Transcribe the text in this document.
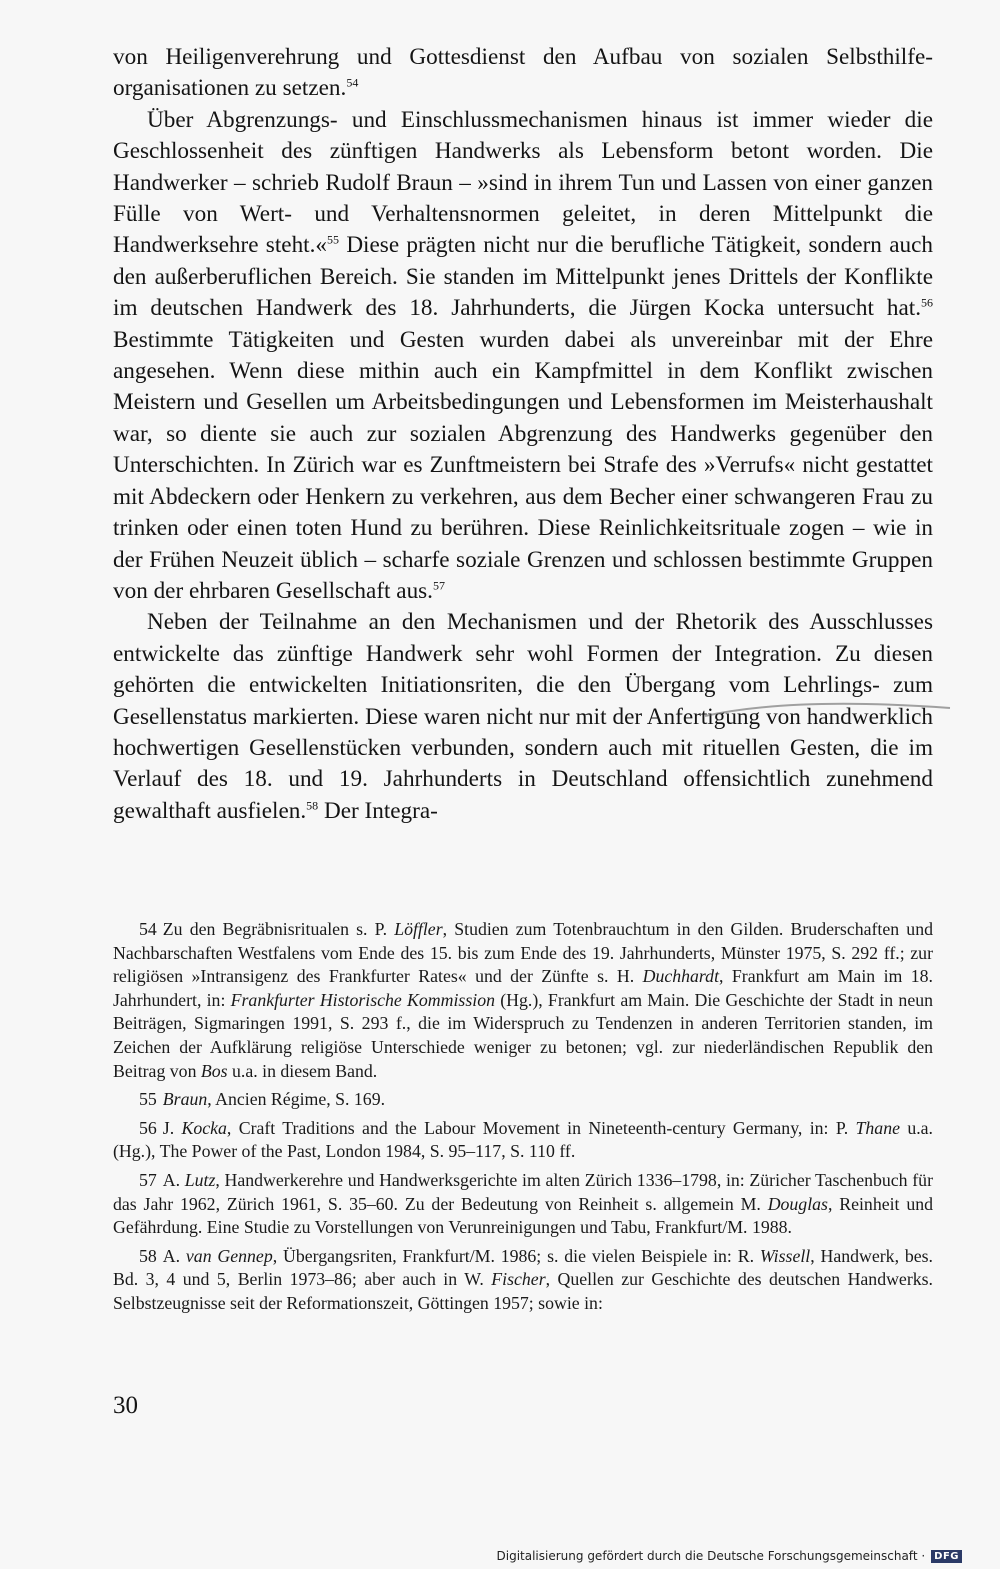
von Heiligenverehrung und Gottesdienst den Aufbau von sozialen Selbsthilfe- organisationen zu setzen.$^{54}$

Über Abgrenzungs- und Einschlussmechanismen hinaus ist immer wieder die Geschlossenheit des zünftigen Handwerks als Lebensform betont worden. Die Handwerker – schrieb Rudolf Braun – »sind in ihrem Tun und Lassen von einer ganzen Fülle von Wert- und Verhaltensnormen geleitet, in deren Mittelpunkt die Handwerksehre steht.«$^{55}$ Diese prägten nicht nur die berufliche Tätigkeit, sondern auch den außerberuflichen Bereich. Sie standen im Mittelpunkt jenes Drittels der Konflikte im deutschen Handwerk des 18. Jahrhunderts, die Jürgen Kocka untersucht hat.$^{56}$ Bestimmte Tätigkeiten und Gesten wurden dabei als unvereinbar mit der Ehre angesehen. Wenn diese mithin auch ein Kampfmittel in dem Konflikt zwischen Meistern und Gesellen um Arbeitsbedingungen und Lebensformen im Meisterhaushalt war, so diente sie auch zur sozialen Abgrenzung des Handwerks gegenüber den Unterschichten. In Zürich war es Zunftmeistern bei Strafe des »Verrufs« nicht gestattet mit Abdeckern oder Henkern zu verkehren, aus dem Becher einer schwangeren Frau zu trinken oder einen toten Hund zu berühren. Diese Reinlichkeitsrituale zogen – wie in der Frühen Neuzeit üblich – scharfe soziale Grenzen und schlossen bestimmte Gruppen von der ehrbaren Gesellschaft aus.$^{57}$

Neben der Teilnahme an den Mechanismen und der Rhetorik des Ausschlusses entwickelte das zünftige Handwerk sehr wohl Formen der Integration. Zu diesen gehörten die entwickelten Initiationsriten, die den Übergang vom Lehrlings- zum Gesellenstatus markierten. Diese waren nicht nur mit der Anfertigung von handwerklich hochwertigen Gesellenstücken verbunden, sondern auch mit rituellen Gesten, die im Verlauf des 18. und 19. Jahrhunderts in Deutschland offensichtlich zunehmend gewalthaft ausfielen.$^{58}$ Der Integra-

54 Zu den Begräbnisritualen s. P. Löffler, Studien zum Totenbrauchtum in den Gilden. Bruderschaften und Nachbarschaften Westfalens vom Ende des 15. bis zum Ende des 19. Jahrhunderts, Münster 1975, S. 292 ff.; zur religiösen »Intransigenz des Frankfurter Rates« und der Zünfte s. H. Duchhardt, Frankfurt am Main im 18. Jahrhundert, in: Frankfurter Historische Kommission (Hg.), Frankfurt am Main. Die Geschichte der Stadt in neun Beiträgen, Sigmaringen 1991, S. 293 f., die im Widerspruch zu Tendenzen in anderen Territorien standen, im Zeichen der Aufklärung religiöse Unterschiede weniger zu betonen; vgl. zur niederländischen Republik den Beitrag von Bos u.a. in diesem Band.

55 Braun, Ancien Régime, S. 169.

56 J. Kocka, Craft Traditions and the Labour Movement in Nineteenth-century Germany, in: P. Thane u.a. (Hg.), The Power of the Past, London 1984, S. 95–117, S. 110 ff.

57 A. Lutz, Handwerkerehre und Handwerksgerichte im alten Zürich 1336–1798, in: Züricher Taschenbuch für das Jahr 1962, Zürich 1961, S. 35–60. Zu der Bedeutung von Reinheit s. allgemein M. Douglas, Reinheit und Gefährdung. Eine Studie zu Vorstellungen von Verunreinigungen und Tabu, Frankfurt/M. 1988.

58 A. van Gennep, Übergangsriten, Frankfurt/M. 1986; s. die vielen Beispiele in: R. Wissell, Handwerk, bes. Bd. 3, 4 und 5, Berlin 1973–86; aber auch in W. Fischer, Quellen zur Geschichte des deutschen Handwerks. Selbstzeugnisse seit der Reformationszeit, Göttingen 1957; sowie in:

30
Digitalisierung gefördert durch die Deutsche Forschungsgemeinschaft · DFG
